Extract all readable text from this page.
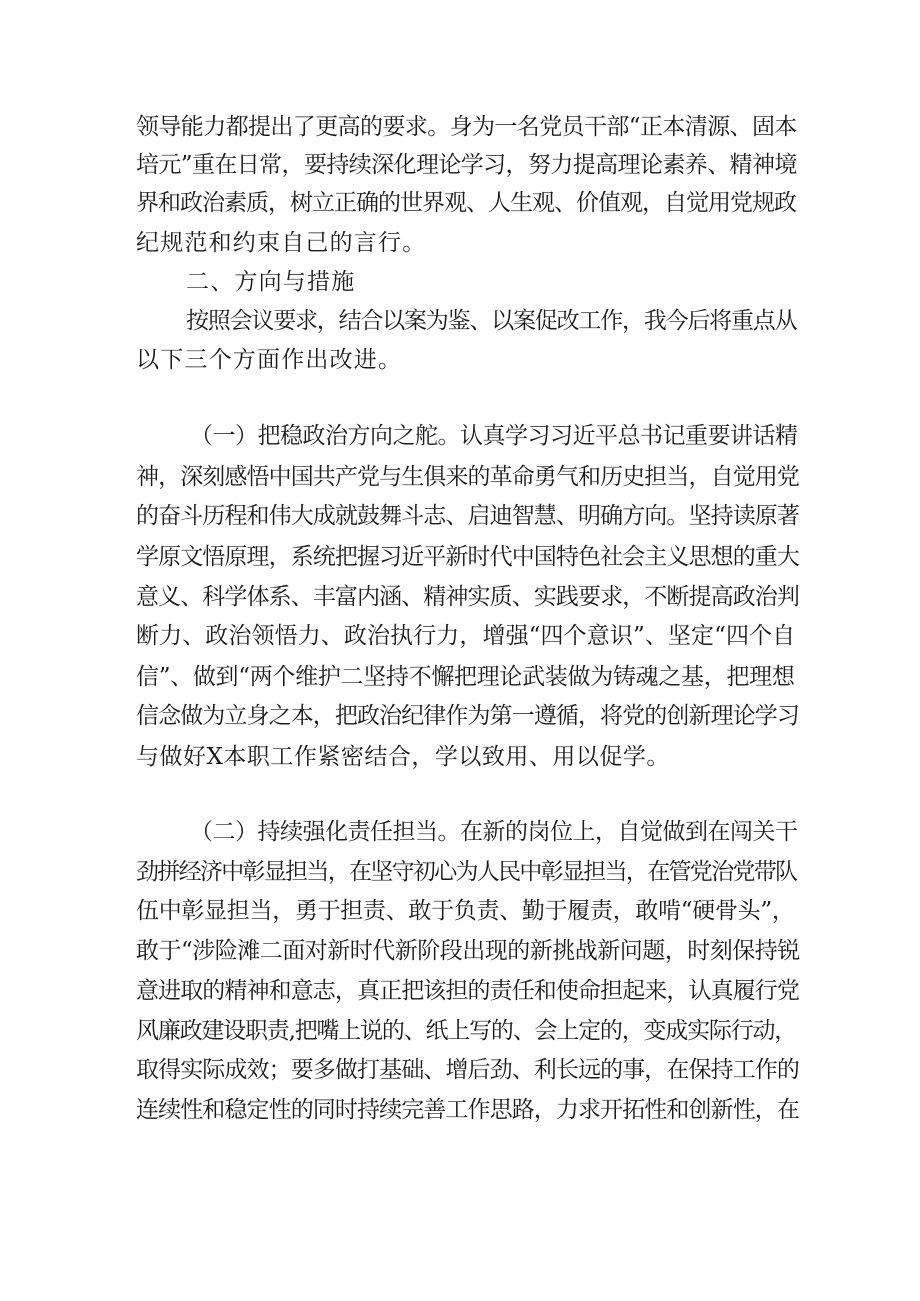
领导能力都提出了更高的要求。身为一名党员干部“正本清源、固本
培元”重在日常，要持续深化理论学习，努力提高理论素养、精神境
界和政治素质，树立正确的世界观、人生观、价值观，自觉用党规政
纪规范和约束自己的言行。
二、方向与措施
按照会议要求，结合以案为鉴、以案促改工作，我今后将重点从
以下三个方面作出改进。
（一）把稳政治方向之舵。认真学习习近平总书记重要讲话精
神，深刻感悟中国共产党与生俱来的革命勇气和历史担当，自觉用党
的奋斗历程和伟大成就鼓舞斗志、启迪智慧、明确方向。坚持读原著
学原文悟原理，系统把握习近平新时代中国特色社会主义思想的重大
意义、科学体系、丰富内涵、精神实质、实践要求，不断提高政治判
断力、政治领悟力、政治执行力，增强“四个意识”、坚定“四个自
信”、做到“两个维护二坚持不懈把理论武装做为铸魂之基，把理想
信念做为立身之本，把政治纪律作为第一遵循，将党的创新理论学习
与做好X本职工作紧密结合，学以致用、用以促学。
（二）持续强化责任担当。在新的岗位上，自觉做到在闯关干
劲拼经济中彰显担当，在坚守初心为人民中彰显担当，在管党治党带队
伍中彰显担当，勇于担责、敢于负责、勤于履责，敢啃“硬骨头”，
敢于“涉险滩二面对新时代新阶段出现的新挑战新问题，时刻保持锐
意进取的精神和意志，真正把该担的责任和使命担起来，认真履行党
风廉政建设职责,把嘴上说的、纸上写的、会上定的，变成实际行动，
取得实际成效；要多做打基础、增后劲、利长远的事，在保持工作的
连续性和稳定性的同时持续完善工作思路，力求开拓性和创新性，在
